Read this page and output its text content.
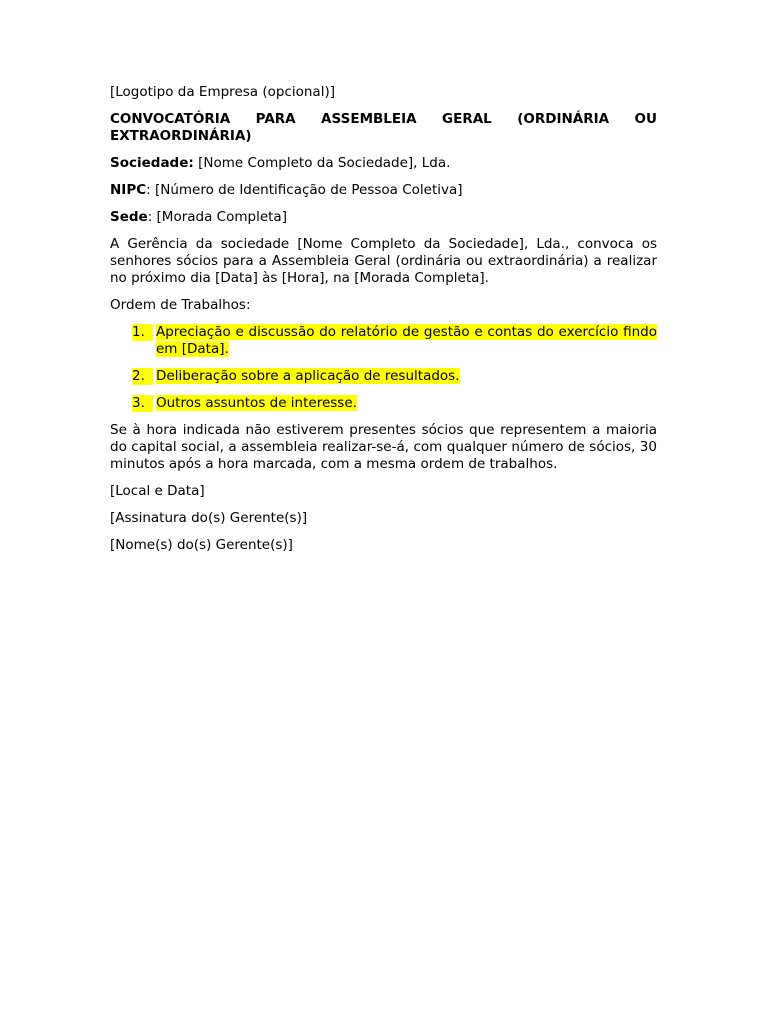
[Logotipo da Empresa (opcional)]

CONVOCATÓRIA PARA ASSEMBLEIA GERAL (ORDINÁRIA OU EXTRAORDINÁRIA)

Sociedade: [Nome Completo da Sociedade], Lda.

NIPC: [Número de Identificação de Pessoa Coletiva]

Sede: [Morada Completa]

A Gerência da sociedade [Nome Completo da Sociedade], Lda., convoca os senhores sócios para a Assembleia Geral (ordinária ou extraordinária) a realizar no próximo dia [Data] às [Hora], na [Morada Completa].

Ordem de Trabalhos:

1. Apreciação e discussão do relatório de gestão e contas do exercício findo em [Data].
2. Deliberação sobre a aplicação de resultados.
3. Outros assuntos de interesse.

Se à hora indicada não estiverem presentes sócios que representem a maioria do capital social, a assembleia realizar-se-á, com qualquer número de sócios, 30 minutos após a hora marcada, com a mesma ordem de trabalhos.

[Local e Data]

[Assinatura do(s) Gerente(s)]

[Nome(s) do(s) Gerente(s)]
